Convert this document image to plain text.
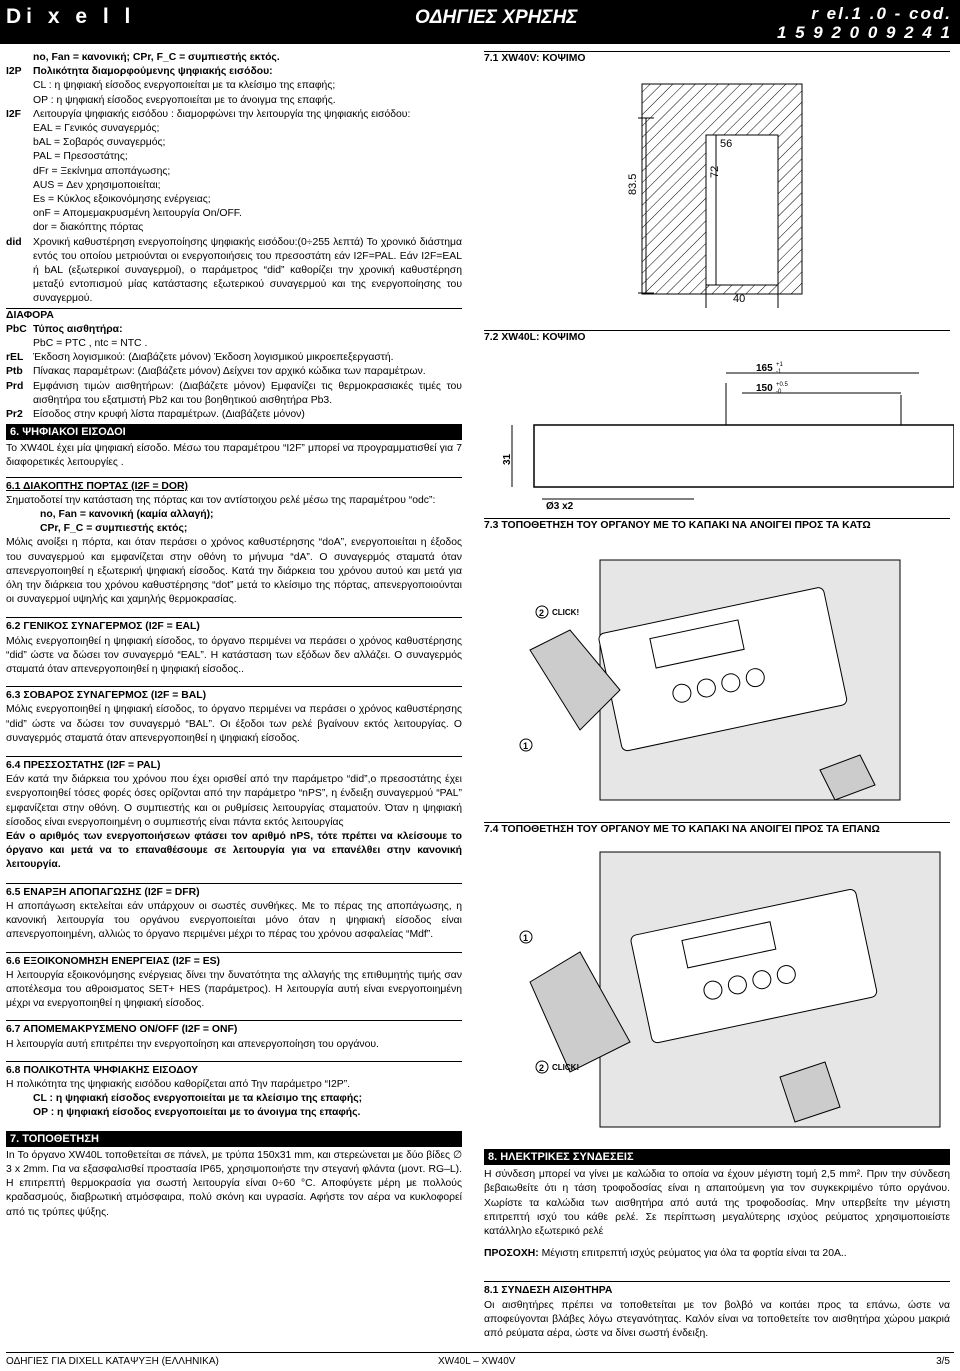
Di x e l l	ΟΔΗΓΙΕΣ ΧΡΗΣΗΣ	r el.1 .0 - cod.
1 5 9 2 0 0 9 2 4 1

no, Fan = κανονική; CPr, F_C = συμπιεστής εκτός.

I2P	Πολικότητα διαμορφούμενης ψηφιακής εισόδου:

CL : η ψηφιακή είσοδος ενεργοποιείται με τα κλείσιμο της επαφής;

OP : η ψηφιακή είσοδος ενεργοποιείται με το άνοιγμα της επαφής.

I2F	Λειτουργία ψηφιακής εισόδου : διαμορφώνει την λειτουργία της ψηφιακής εισόδου:

EAL = Γενικός συναγερμός;

bAL = Σοβαρός συναγερμός;

PAL = Πρεσοστάτης;

dFr = Ξεκίνημα αποπάγωσης;

AUS = Δεν χρησιμοποιείται;

Es = Κύκλος εξοικονόμησης ενέργειας;

onF = Απομεμακρυσμένη λειτουργία On/OFF.

dor = διακόπτης πόρτας

did	Χρονική καθυστέρηση ενεργοποίησης ψηφιακής εισόδου:(0÷255 λεπτά) Το χρονικό διάστημα εντός του οποίου μετριούνται οι ενεργοποιήσεις του πρεσοστάτη εάν I2F=PAL. Εάν I2F=EAL ή bAL (εξωτερικοί συναγερμοί), ο παράμετρος “did” καθορίζει την χρονική καθυστέρηση μεταξύ εντοπισμού μίας κατάστασης εξωτερικού συναγερμού και της ενεργοποίησης του συναγερμού.

ΔΙΑΦΟΡΑ

PbC Τύπος αισθητήρα:

PbC = PTC , ntc = NTC .

rEL Έκδοση λογισμικού: (Διαβάζετε μόνον) Έκδοση λογισμικού μικροεπεξεργαστή.
Ptb Πίνακας παραμέτρων: (Διαβάζετε μόνον) Δείχνει τον αρχικό κώδικα των παραμέτρων.
Prd Εμφάνιση τιμών αισθητήρων: (Διαβάζετε μόνον) Εμφανίζει τις θερμοκρασιακές τιμές του αισθητήρα του εξατμιστή Pb2 και του βοηθητικού αισθητήρα Pb3.
Pr2 Είσοδος στην κρυφή λίστα παραμέτρων. (Διαβάζετε μόνον)
6. ΨΗΦΙΑΚΟΙ ΕΙΣΟΔΟΙ

Το XW40L έχει μία ψηφιακή είσοδο. Μέσω του παραμέτρου “I2F” μπορεί να προγραμματισθεί για 7 διαφορετικές λειτουργίες .

6.1 ΔΙΑΚΟΠΤΗΣ ΠΟΡΤΑΣ (I2F = DOR)

Σηματοδοτεί την κατάσταση της πόρτας και τον αντίστοιχου ρελέ μέσω της παραμέτρου “odc”:

no, Fan = κανονική (καμία αλλαγή);

CPr, F_C = συμπιεστής εκτός;

Μόλις ανοίξει η πόρτα, και όταν περάσει ο χρόνος καθυστέρησης “doA”, ενεργοποιείται η έξοδος του συναγερμού και εμφανίζεται στην οθόνη το μήνυμα “dA”. Ο συναγερμός σταματά όταν απενεργοποιηθεί η εξωτερική ψηφιακή είσοδος. Κατά την διάρκεια του χρόνου αυτού και μετά για όλη την διάρκεια του χρόνου καθυστέρησης “dot” μετά το κλείσιμο της πόρτας, απενεργοποιούνται οι συναγερμοί υψηλής και χαμηλής θερμοκρασίας.

6.2 ΓΕΝΙΚΟΣ ΣΥΝΑΓΕΡΜΟΣ (I2F = EAL)

Μόλις ενεργοποιηθεί η ψηφιακή είσοδος, το όργανο περιμένει να περάσει ο χρόνος καθυστέρησης “did” ώστε να δώσει τον συναγερμό “EAL”. Η κατάσταση των εξόδων δεν αλλάζει. Ο συναγερμός σταματά όταν απενεργοποιηθεί η ψηφιακή είσοδος..

6.3 ΣΟΒΑΡΟΣ ΣΥΝΑΓΕΡΜΟΣ (I2F = BAL)

Μόλις ενεργοποιηθεί η ψηφιακή είσοδος, το όργανο περιμένει να περάσει ο χρόνος καθυστέρησης “did” ώστε να δώσει τον συναγερμό “BAL”. Οι έξοδοι των ρελέ βγαίνουν εκτός λειτουργίας. Ο συναγερμός σταματά όταν απενεργοποιηθεί η ψηφιακή είσοδος.

6.4 ΠΡΕΣΣΟΣΤΑΤΗΣ (I2F = PAL)

Εάν κατά την διάρκεια του χρόνου που έχει ορισθεί από την παράμετρο “did”,ο πρεσοστάτης έχει ενεργοποιηθεί τόσες φορές όσες ορίζονται από την παράμετρο “nPS”, η ένδειξη συναγερμού “PAL” εμφανίζεται στην οθόνη. Ο συμπιεστής και οι ρυθμίσεις λειτουργίας σταματούν. Όταν η ψηφιακή είσοδος είναι ενεργοποιημένη ο συμπιεστής είναι πάντα εκτός λειτουργίας

Εάν ο αριθμός των ενεργοποιήσεων φτάσει τον αριθμό nPS, τότε πρέπει να κλείσουμε το όργανο και μετά να το επαναθέσουμε σε λειτουργία για να επανέλθει στην κανονική λειτουργία.

6.5 ΕΝΑΡΞΗ ΑΠΟΠΑΓΩΣΗΣ (I2F = DFR)

Η αποπάγωση εκτελείται εάν υπάρχουν οι σωστές συνθήκες. Με το πέρας της αποπάγωσης, η κανονική λειτουργία του οργάνου ενεργοποιείται μόνο όταν η ψηφιακή είσοδος είναι απενεργοποιημένη, αλλιώς το όργανο περιμένει μέχρι το πέρας του χρόνου ασφαλείας “Mdf”.

6.6 ΕΞΟΙΚΟΝΟΜΗΣΗ ΕΝΕΡΓΕΙΑΣ (I2F = ES)

Η λειτουργία εξοικονόμησης ενέργειας δίνει την δυνατότητα της αλλαγής της επιθυμητής τιμής σαν αποτέλεσμα του αθροισματος SET+ HES (παράμετρος). Η λειτουργία αυτή είναι ενεργοποιημένη μέχρι να ενεργοποιηθεί η ψηφιακή είσοδος.

6.7 ΑΠΟΜΕΜΑΚΡΥΣΜΕΝΟ ON/OFF (I2F = ONF)

Η λειτουργία αυτή επιτρέπει την ενεργοποίηση και απενεργοποίηση του οργάνου.

6.8 ΠΟΛΙΚΟΤΗΤΑ ΨΗΦΙΑΚΗΣ ΕΙΣΟΔΟΥ

Η πολικότητα της ψηφιακής εισόδου καθορίζεται από Την παράμετρο “I2P”.

CL : η ψηφιακή είσοδος ενεργοποιείται με τα κλείσιμο της επαφής;

OP : η ψηφιακή είσοδος ενεργοποιείται με το άνοιγμα της επαφής.

7. ΤΟΠΟΘΕΤΗΣΗ

In Το όργανο XW40L τοποθετείται σε πάνελ, με τρύπα 150x31 mm, και στερεώνεται με δύο βίδες ∅ 3 x 2mm. Για να εξασφαλισθεί προστασία IP65, χρησιμοποιήστε την στεγανή φλάντα (μοντ. RG–L). Η επιτρεπτή θερμοκρασία για σωστή λειτουργία είναι 0÷60 °C. Αποφύγετε μέρη με πολλούς κραδασμούς, διαβρωτική ατμόσφαιρα, πολύ σκόνη και υγρασία. Αφήστε τον αέρα να κυκλοφορεί από τις τρύπες ψύξης.

7.1 XW40V: ΚΟΨΙΜΟ

83.5
72
56
40

7.2 XW40L: ΚΟΨΙΜΟ

165 +1
-1
150 +0.5
-0
31
Ø3 x2

7.3 ΤΟΠΟΘΕΤΗΣΗ ΤΟΥ ΟΡΓΑΝΟΥ ΜΕ ΤΟ ΚΑΠΑΚΙ ΝΑ ΑΝΟΙΓΕΙ ΠΡΟΣ ΤΑ ΚΑΤΩ

2 CLICK!
1

7.4 ΤΟΠΟΘΕΤΗΣΗ ΤΟΥ ΟΡΓΑΝΟΥ ΜΕ ΤΟ ΚΑΠΑΚΙ ΝΑ ΑΝΟΙΓΕΙ ΠΡΟΣ ΤΑ ΕΠΑΝΩ

1
2 CLICK!
8. ΗΛΕΚΤΡΙΚΕΣ ΣΥΝΔΕΣΕΙΣ

Η σύνδεση μπορεί να γίνει με καλώδια το οποία να έχουν μέγιστη τομή 2,5 mm². Πριν την σύνδεση βεβαιωθείτε ότι η τάση τροφοδοσίας είναι η απαιτούμενη για τον συγκεκριμένο τύπο οργάνου. Χωρίστε τα καλώδια των αισθητήρα από αυτά της τροφοδοσίας. Μην υπερβείτε την μέγιστη επιτρεπτή ισχύ του κάθε ρελέ. Σε περίπτωση μεγαλύτερης ισχύος ρεύματος χρησιμοποιείστε κατάλληλο εξωτερικό ρελέ

ΠΡΟΣΟΧΗ: Μέγιστη επιτρεπτή ισχύς ρεύματος για όλα τα φορτία είναι τα 20A..

8.1 ΣΥΝΔΕΣΗ ΑΙΣΘΗΤΗΡΑ

Οι αισθητήρες πρέπει να τοποθετείται με τον βολβό να κοιτάει προς τα επάνω, ώστε να αποφεύγονται βλάβες λόγω στεγανότητας. Καλόν είναι να τοποθετείτε τον αισθητήρα χώρου μακριά από ρεύματα αέρα, ώστε να δίνει σωστή ένδειξη.

ΟΔΗΓΙΕΣ ΓΙΑ DIXELL ΚΑΤΑΨΥΞΗ (ΕΛΛΗΝΙΚΑ)	XW40L – XW40V	3/5
